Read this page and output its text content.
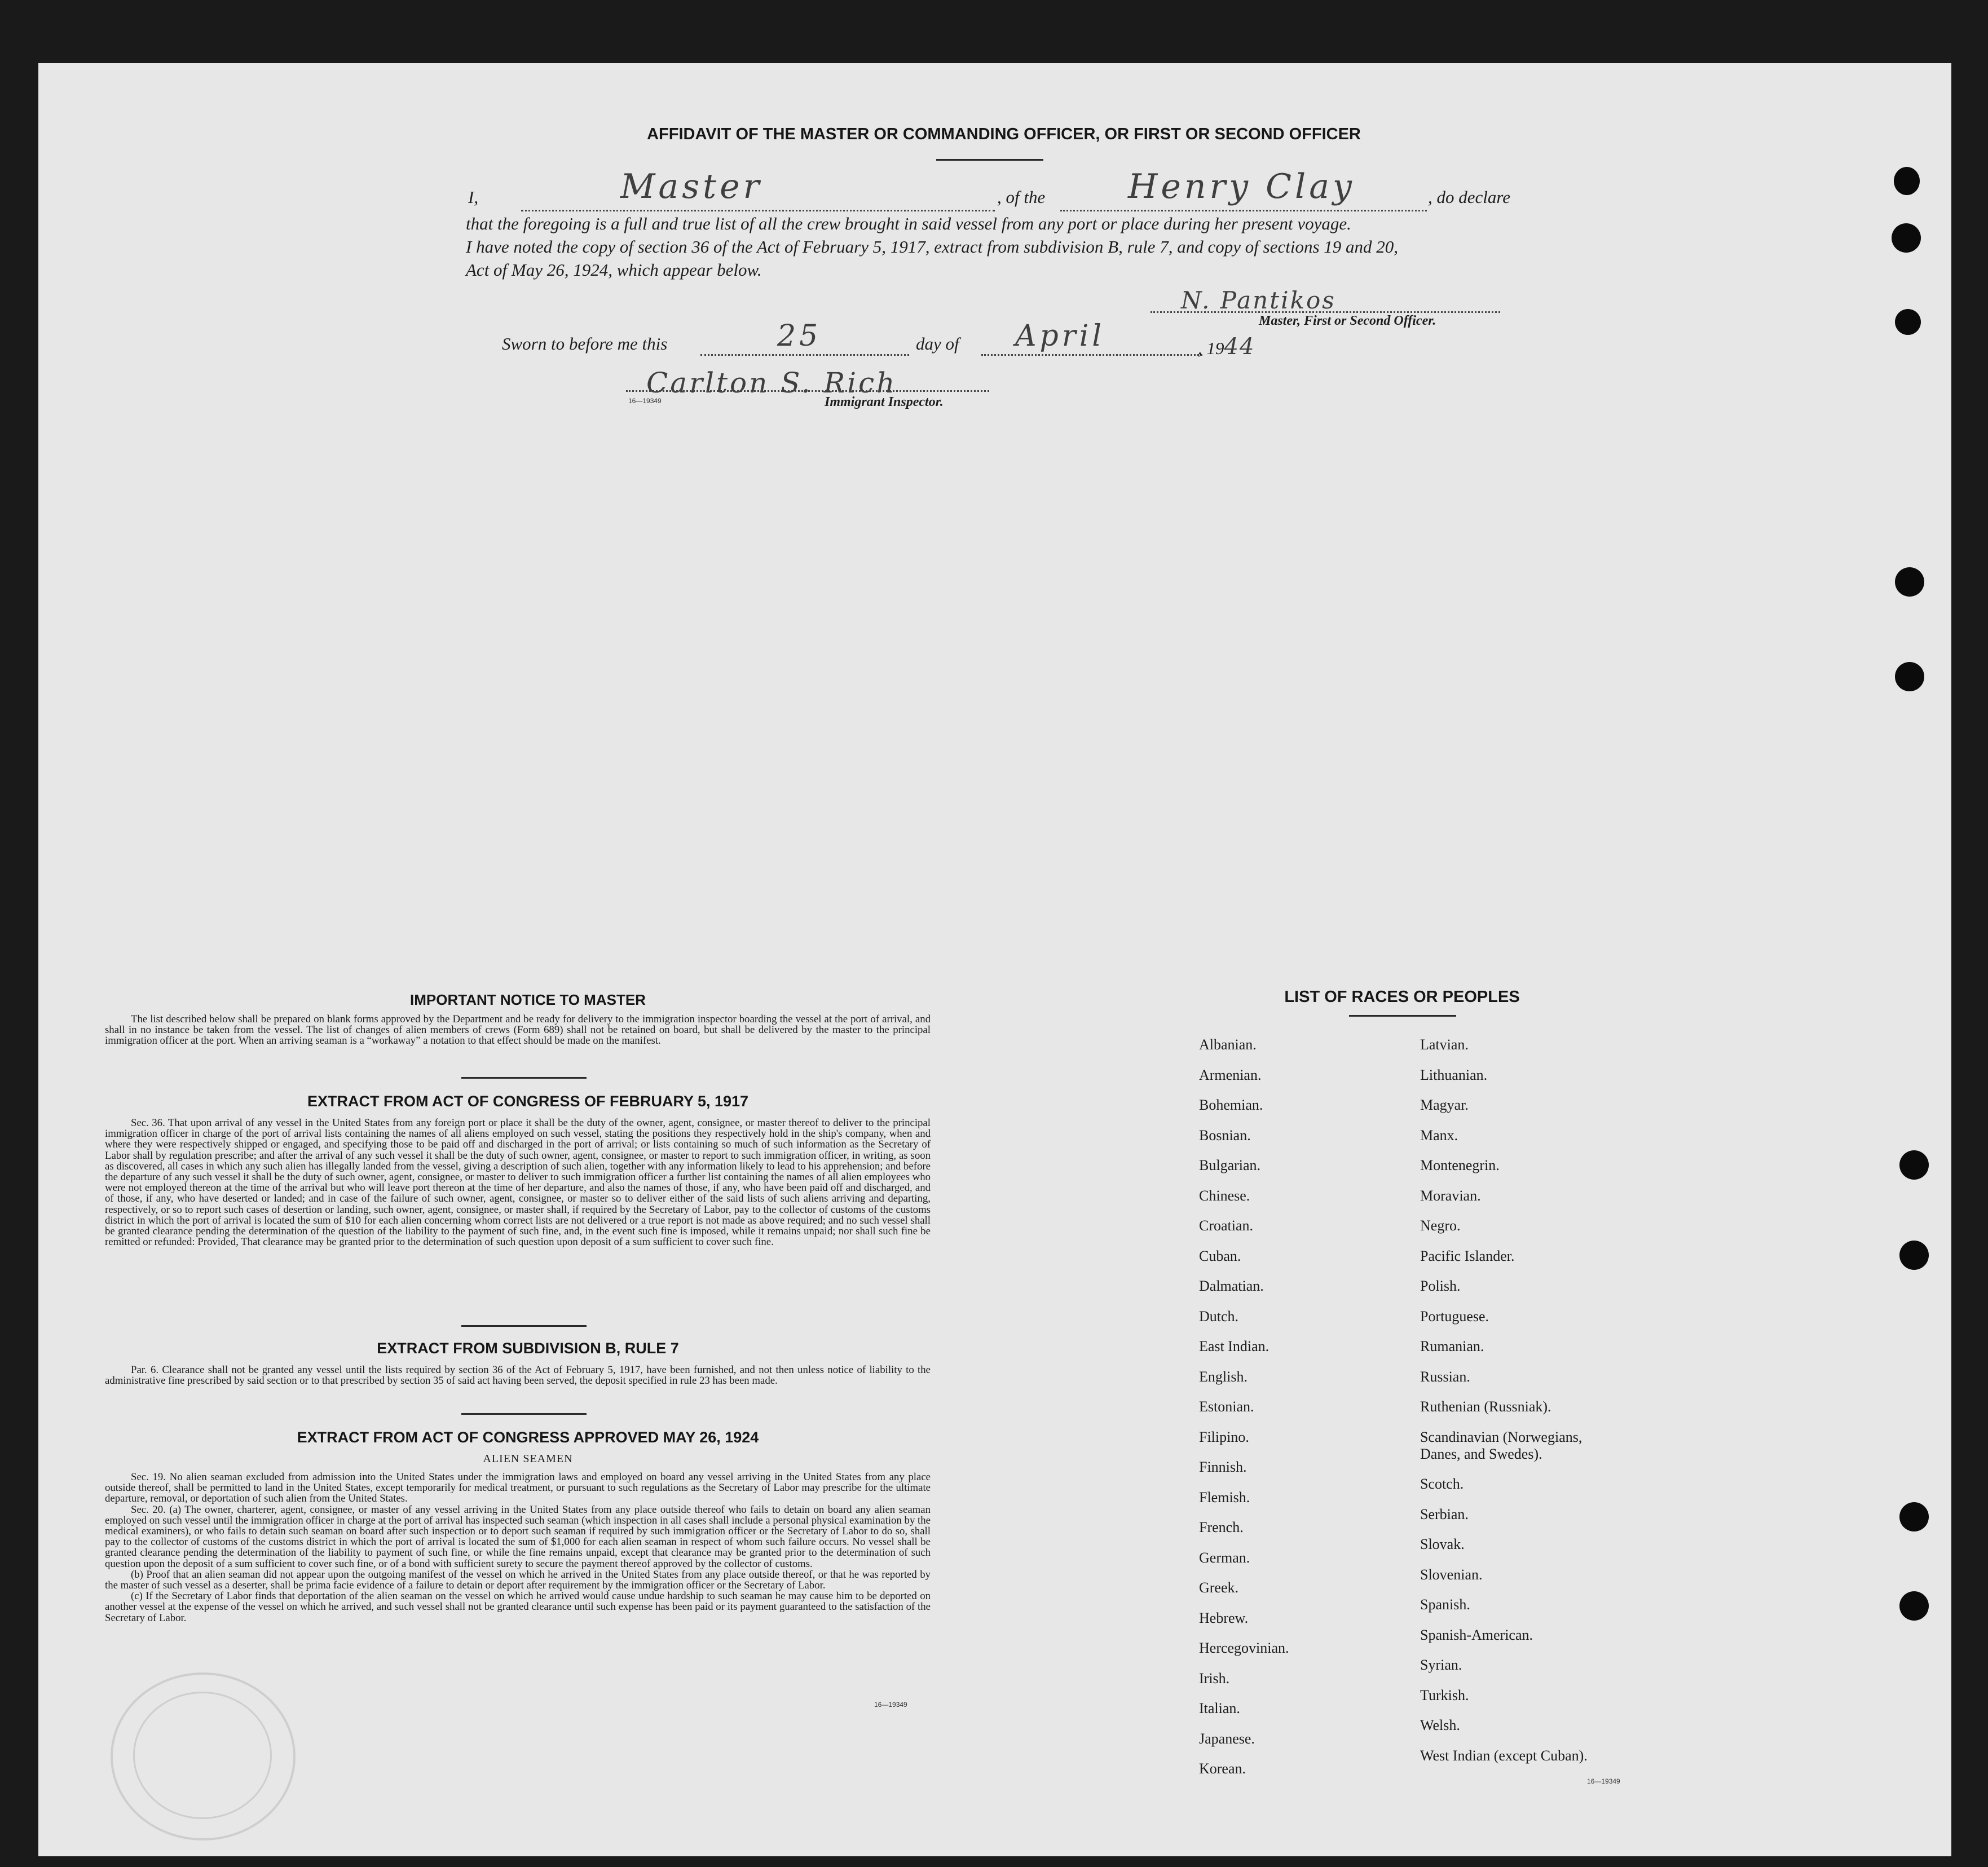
AFFIDAVIT OF THE MASTER OR COMMANDING OFFICER, OR FIRST OR SECOND OFFICER
I,	Master	, of the Henry Clay	, do declare
that the foregoing is a full and true list of all the crew brought in said vessel from any port or place during her present voyage.
I have noted the copy of section 36 of the Act of February 5, 1917, extract from subdivision B, rule 7, and copy of sections 19 and 20,
Act of May 26, 1924, which appear below.
N. Pantikos
Master, First or Second Officer.
Sworn to before me this	25	day of April	, 1944
Carlton S. Rich
16—19349	Immigrant Inspector.
IMPORTANT NOTICE TO MASTER
The list described below shall be prepared on blank forms approved by the Department and be ready for delivery to the immigration inspector boarding the vessel at the port of arrival, and shall in no instance be taken from the vessel. The list of changes of alien members of crews (Form 689) shall not be retained on board, but shall be delivered by the master to the principal immigration officer at the port. When an arriving seaman is a “workaway” a notation to that effect should be made on the manifest.
EXTRACT FROM ACT OF CONGRESS OF FEBRUARY 5, 1917
Sec. 36. That upon arrival of any vessel in the United States from any foreign port or place it shall be the duty of the owner, agent, consignee, or master thereof to deliver to the principal immigration officer in charge of the port of arrival lists containing the names of all aliens employed on such vessel, stating the positions they respectively hold in the ship's company, when and where they were respectively shipped or engaged, and specifying those to be paid off and discharged in the port of arrival; or lists containing so much of such information as the Secretary of Labor shall by regulation prescribe; and after the arrival of any such vessel it shall be the duty of such owner, agent, consignee, or master to report to such immigration officer, in writing, as soon as discovered, all cases in which any such alien has illegally landed from the vessel, giving a description of such alien, together with any information likely to lead to his apprehension; and before the departure of any such vessel it shall be the duty of such owner, agent, consignee, or master to deliver to such immigration officer a further list containing the names of all alien employees who were not employed thereon at the time of the arrival but who will leave port thereon at the time of her departure, and also the names of those, if any, who have been paid off and discharged, and of those, if any, who have deserted or landed; and in case of the failure of such owner, agent, consignee, or master so to deliver either of the said lists of such aliens arriving and departing, respectively, or so to report such cases of desertion or landing, such owner, agent, consignee, or master shall, if required by the Secretary of Labor, pay to the collector of customs of the customs district in which the port of arrival is located the sum of $10 for each alien concerning whom correct lists are not delivered or a true report is not made as above required; and no such vessel shall be granted clearance pending the determination of the question of the liability to the payment of such fine, and, in the event such fine is imposed, while it remains unpaid; nor shall such fine be remitted or refunded: Provided, That clearance may be granted prior to the determination of such question upon deposit of a sum sufficient to cover such fine.
EXTRACT FROM SUBDIVISION B, RULE 7
Par. 6. Clearance shall not be granted any vessel until the lists required by section 36 of the Act of February 5, 1917, have been furnished, and not then unless notice of liability to the administrative fine prescribed by said section or to that prescribed by section 35 of said act having been served, the deposit specified in rule 23 has been made.
EXTRACT FROM ACT OF CONGRESS APPROVED MAY 26, 1924
ALIEN SEAMEN
Sec. 19. No alien seaman excluded from admission into the United States under the immigration laws and employed on board any vessel arriving in the United States from any place outside thereof, shall be permitted to land in the United States, except temporarily for medical treatment, or pursuant to such regulations as the Secretary of Labor may prescribe for the ultimate departure, removal, or deportation of such alien from the United States.
Sec. 20. (a) The owner, charterer, agent, consignee, or master of any vessel arriving in the United States from any place outside thereof who fails to detain on board any alien seaman employed on such vessel until the immigration officer in charge at the port of arrival has inspected such seaman (which inspection in all cases shall include a personal physical examination by the medical examiners), or who fails to detain such seaman on board after such inspection or to deport such seaman if required by such immigration officer or the Secretary of Labor to do so, shall pay to the collector of customs of the customs district in which the port of arrival is located the sum of $1,000 for each alien seaman in respect of whom such failure occurs. No vessel shall be granted clearance pending the determination of the liability to payment of such fine, or while the fine remains unpaid, except that clearance may be granted prior to the determination of such question upon the deposit of a sum sufficient to cover such fine, or of a bond with sufficient surety to secure the payment thereof approved by the collector of customs.
(b) Proof that an alien seaman did not appear upon the outgoing manifest of the vessel on which he arrived in the United States from any place outside thereof, or that he was reported by the master of such vessel as a deserter, shall be prima facie evidence of a failure to detain or deport after requirement by the immigration officer or the Secretary of Labor.
(c) If the Secretary of Labor finds that deportation of the alien seaman on the vessel on which he arrived would cause undue hardship to such seaman he may cause him to be deported on another vessel at the expense of the vessel on which he arrived, and such vessel shall not be granted clearance until such expense has been paid or its payment guaranteed to the satisfaction of the Secretary of Labor.
16—19349
LIST OF RACES OR PEOPLES
Albanian.
Armenian.
Bohemian.
Bosnian.
Bulgarian.
Chinese.
Croatian.
Cuban.
Dalmatian.
Dutch.
East Indian.
English.
Estonian.
Filipino.
Finnish.
Flemish.
French.
German.
Greek.
Hebrew.
Hercegovinian.
Irish.
Italian.
Japanese.
Korean.
Latvian.
Lithuanian.
Magyar.
Manx.
Montenegrin.
Moravian.
Negro.
Pacific Islander.
Polish.
Portuguese.
Rumanian.
Russian.
Ruthenian (Russniak).
Scandinavian (Norwegians,
Danes, and Swedes).
Scotch.
Serbian.
Slovak.
Slovenian.
Spanish.
Spanish-American.
Syrian.
Turkish.
Welsh.
West Indian (except Cuban).
16—19349
